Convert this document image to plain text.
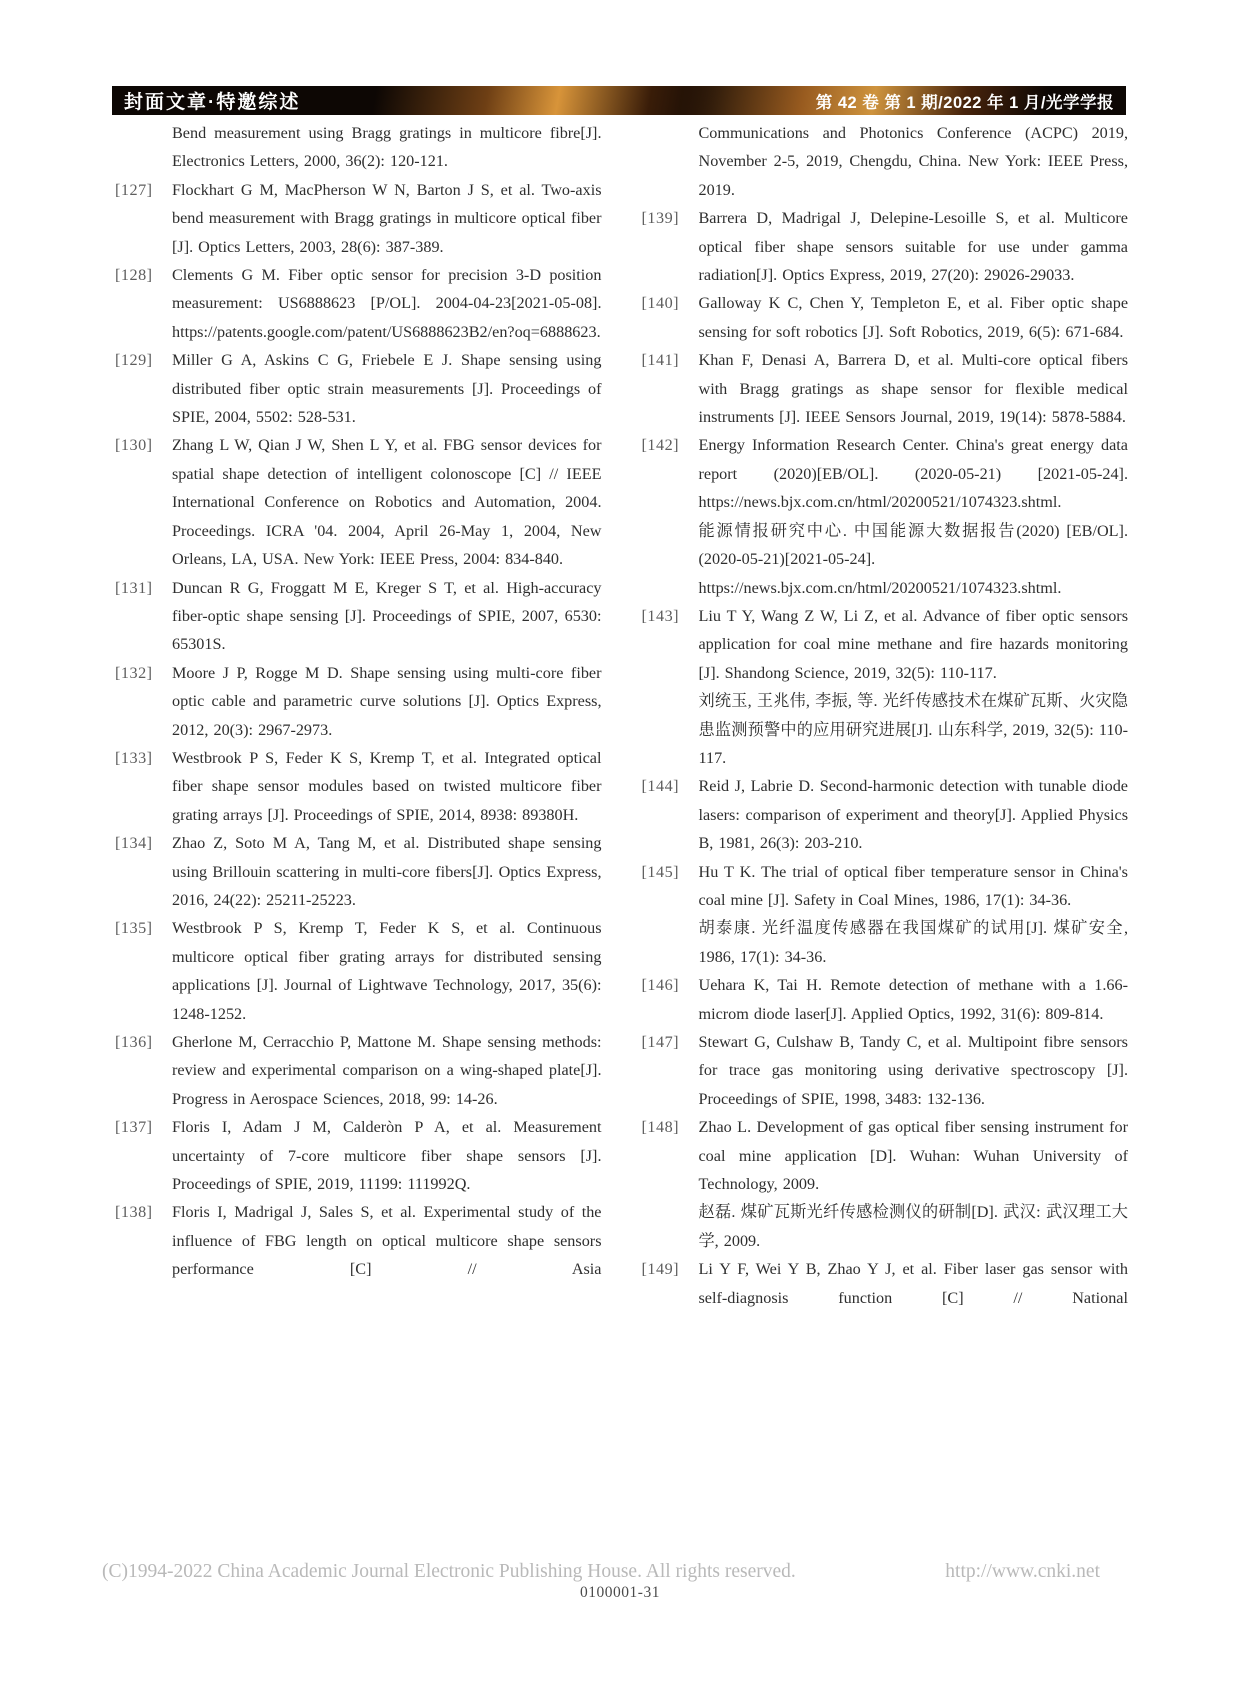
封面文章·特邀综述	第 42 卷 第 1 期/2022 年 1 月/光学学报

Bend measurement using Bragg gratings in multicore fibre[J]. Electronics Letters, 2000, 36(2): 120-121.

[127] Flockhart G M, MacPherson W N, Barton J S, et al. Two-axis bend measurement with Bragg gratings in multicore optical fiber [J]. Optics Letters, 2003, 28(6): 387-389.

[128] Clements G M. Fiber optic sensor for precision 3-D position measurement: US6888623 [P/OL]. 2004-04-23[2021-05-08]. https://patents.google.com/patent/US6888623B2/en?oq=6888623.

[129] Miller G A, Askins C G, Friebele E J. Shape sensing using distributed fiber optic strain measurements [J]. Proceedings of SPIE, 2004, 5502: 528-531.

[130] Zhang L W, Qian J W, Shen L Y, et al. FBG sensor devices for spatial shape detection of intelligent colonoscope [C] // IEEE International Conference on Robotics and Automation, 2004. Proceedings. ICRA '04. 2004, April 26-May 1, 2004, New Orleans, LA, USA. New York: IEEE Press, 2004: 834-840.

[131] Duncan R G, Froggatt M E, Kreger S T, et al. High-accuracy fiber-optic shape sensing [J]. Proceedings of SPIE, 2007, 6530: 65301S.

[132] Moore J P, Rogge M D. Shape sensing using multi-core fiber optic cable and parametric curve solutions [J]. Optics Express, 2012, 20(3): 2967-2973.

[133] Westbrook P S, Feder K S, Kremp T, et al. Integrated optical fiber shape sensor modules based on twisted multicore fiber grating arrays [J]. Proceedings of SPIE, 2014, 8938: 89380H.

[134] Zhao Z, Soto M A, Tang M, et al. Distributed shape sensing using Brillouin scattering in multi-core fibers[J]. Optics Express, 2016, 24(22): 25211-25223.

[135] Westbrook P S, Kremp T, Feder K S, et al. Continuous multicore optical fiber grating arrays for distributed sensing applications [J]. Journal of Lightwave Technology, 2017, 35(6): 1248-1252.

[136] Gherlone M, Cerracchio P, Mattone M. Shape sensing methods: review and experimental comparison on a wing-shaped plate[J]. Progress in Aerospace Sciences, 2018, 99: 14-26.

[137] Floris I, Adam J M, Calderòn P A, et al. Measurement uncertainty of 7-core multicore fiber shape sensors [J]. Proceedings of SPIE, 2019, 11199: 111992Q.

[138] Floris I, Madrigal J, Sales S, et al. Experimental study of the influence of FBG length on optical multicore shape sensors performance [C] // Asia

Communications and Photonics Conference (ACPC) 2019, November 2-5, 2019, Chengdu, China. New York: IEEE Press, 2019.

[139] Barrera D, Madrigal J, Delepine-Lesoille S, et al. Multicore optical fiber shape sensors suitable for use under gamma radiation[J]. Optics Express, 2019, 27(20): 29026-29033.

[140] Galloway K C, Chen Y, Templeton E, et al. Fiber optic shape sensing for soft robotics [J]. Soft Robotics, 2019, 6(5): 671-684.

[141] Khan F, Denasi A, Barrera D, et al. Multi-core optical fibers with Bragg gratings as shape sensor for flexible medical instruments [J]. IEEE Sensors Journal, 2019, 19(14): 5878-5884.

[142] Energy Information Research Center. China's great energy data report (2020)[EB/OL]. (2020-05-21) [2021-05-24]. https://news.bjx.com.cn/html/20200521/1074323.shtml.

能源情报研究中心. 中国能源大数据报告(2020) [EB/OL]. (2020-05-21)[2021-05-24]. https://news.bjx.com.cn/html/20200521/1074323.shtml.

[143] Liu T Y, Wang Z W, Li Z, et al. Advance of fiber optic sensors application for coal mine methane and fire hazards monitoring [J]. Shandong Science, 2019, 32(5): 110-117.

刘统玉, 王兆伟, 李振, 等. 光纤传感技术在煤矿瓦斯、火灾隐患监测预警中的应用研究进展[J]. 山东科学, 2019, 32(5): 110-117.

[144] Reid J, Labrie D. Second-harmonic detection with tunable diode lasers: comparison of experiment and theory[J]. Applied Physics B, 1981, 26(3): 203-210.

[145] Hu T K. The trial of optical fiber temperature sensor in China's coal mine [J]. Safety in Coal Mines, 1986, 17(1): 34-36.

胡泰康. 光纤温度传感器在我国煤矿的试用[J]. 煤矿安全, 1986, 17(1): 34-36.

[146] Uehara K, Tai H. Remote detection of methane with a 1.66-microm diode laser[J]. Applied Optics, 1992, 31(6): 809-814.

[147] Stewart G, Culshaw B, Tandy C, et al. Multipoint fibre sensors for trace gas monitoring using derivative spectroscopy [J]. Proceedings of SPIE, 1998, 3483: 132-136.

[148] Zhao L. Development of gas optical fiber sensing instrument for coal mine application [D]. Wuhan: Wuhan University of Technology, 2009.

赵磊. 煤矿瓦斯光纤传感检测仪的研制[D]. 武汉: 武汉理工大学, 2009.

[149] Li Y F, Wei Y B, Zhao Y J, et al. Fiber laser gas sensor with self-diagnosis function [C] // National

(C)1994-2022 China Academic Journal Electronic Publishing House. All rights reserved.	http://www.cnki.net
0100001-31
